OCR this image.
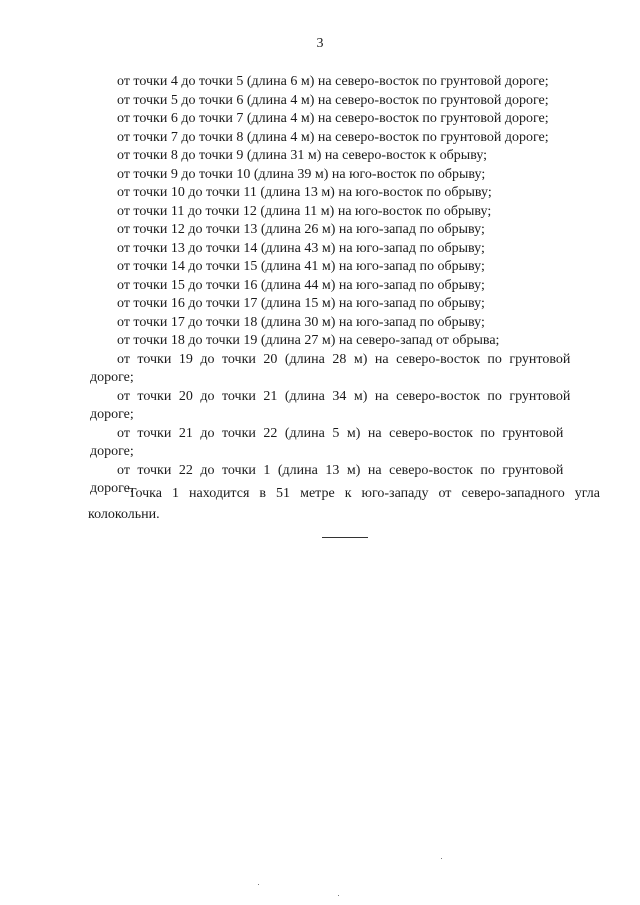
3
от точки 4 до точки 5 (длина 6 м) на северо-восток по грунтовой дороге;
от точки 5 до точки 6 (длина 4 м) на северо-восток по грунтовой дороге;
от точки 6 до точки 7 (длина 4 м) на северо-восток по грунтовой дороге;
от точки 7 до точки 8 (длина 4 м) на северо-восток по грунтовой дороге;
от точки 8 до точки 9 (длина 31 м) на северо-восток к обрыву;
от точки 9 до точки 10 (длина 39 м) на юго-восток по обрыву;
от точки 10 до точки 11 (длина 13 м) на юго-восток по обрыву;
от точки 11 до точки 12 (длина 11 м) на юго-восток по обрыву;
от точки 12 до точки 13 (длина 26 м) на юго-запад по обрыву;
от точки 13 до точки 14 (длина 43 м) на юго-запад по обрыву;
от точки 14 до точки 15 (длина 41 м) на юго-запад по обрыву;
от точки 15 до точки 16 (длина 44 м) на юго-запад по обрыву;
от точки 16 до точки 17 (длина 15 м) на юго-запад по обрыву;
от точки 17 до точки 18 (длина 30 м) на юго-запад по обрыву;
от точки 18 до точки 19 (длина 27 м) на северо-запад от обрыва;
от точки 19 до точки 20 (длина 28 м) на северо-восток по грунтовой
дороге;
от точки 20 до точки 21 (длина 34 м) на северо-восток по грунтовой
дороге;
от точки 21 до точки 22 (длина 5 м) на северо-восток по грунтовой
дороге;
от точки 22 до точки 1 (длина 13 м) на северо-восток по грунтовой
дороге.
Точка 1 находится в 51 метре к юго-западу от северо-западного угла
колокольни.
